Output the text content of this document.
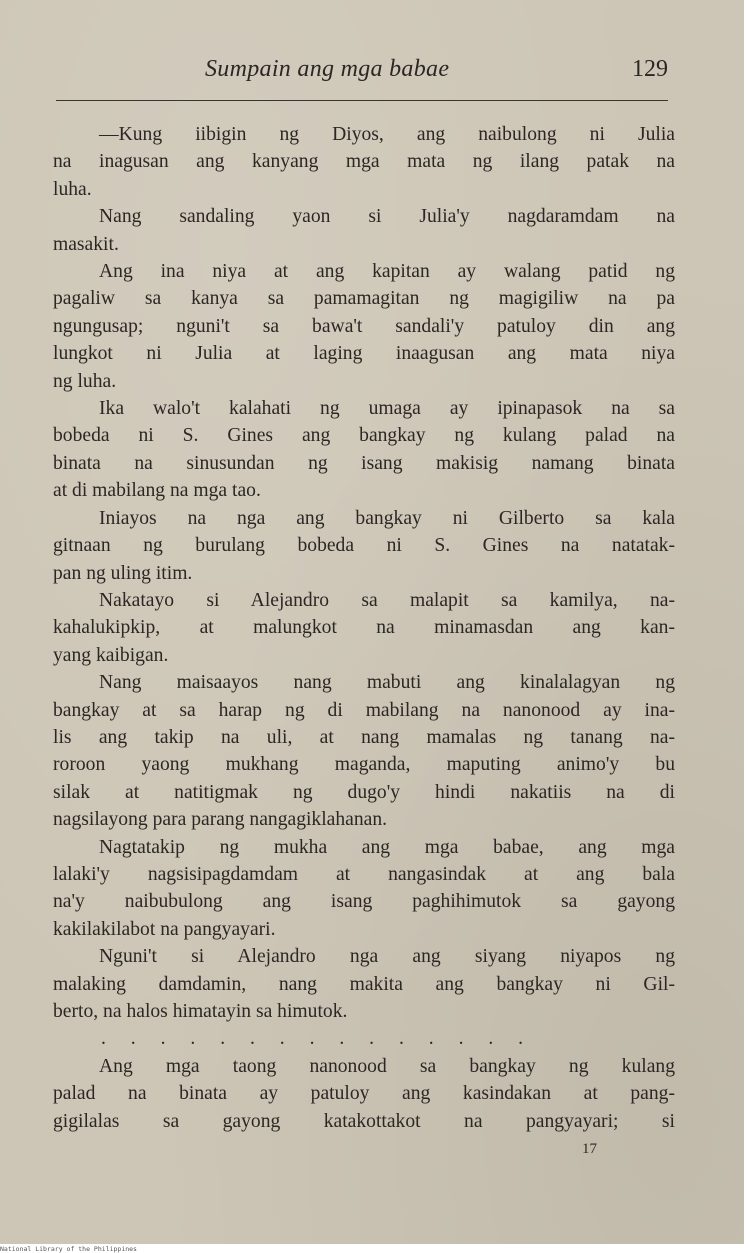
Sumpain ang mga babae	129

—Kung iibigin ng Diyos, ang naibulong ni Julia
na inagusan ang kanyang mga mata ng ilang patak na
luha.

Nang sandaling yaon si Julia'y nagdaramdam na
masakit.

Ang ina niya at ang kapitan ay walang patid ng
pagaliw sa kanya sa pamamagitan ng magigiliw na pa
ngungusap; nguni't sa bawa't sandali'y patuloy din ang
lungkot ni Julia at laging inaagusan ang mata niya
ng luha.

Ika walo't kalahati ng umaga ay ipinapasok na sa
bobeda ni S. Gines ang bangkay ng kulang palad na
binata na sinusundan ng isang makisig namang binata
at di mabilang na mga tao.

Iniayos na nga ang bangkay ni Gilberto sa kala
gitnaan ng burulang bobeda ni S. Gines na natatak-
pan ng uling itim.

Nakatayo si Alejandro sa malapit sa kamilya, na-
kahalukipkip, at malungkot na minamasdan ang kan-
yang kaibigan.

Nang maisaayos nang mabuti ang kinalalagyan ng
bangkay at sa harap ng di mabilang na nanonood ay ina-
lis ang takip na uli, at nang mamalas ng tanang na-
roroon yaong mukhang maganda, maputing animo'y bu
silak at natitigmak ng dugo'y hindi nakatiis na di
nagsilayong para parang nangagiklahanan.

Nagtatakip ng mukha ang mga babae, ang mga
lalaki'y nagsisipagdamdam at nangasindak at ang bala
na'y naibubulong ang isang paghihimutok sa gayong
kakilakilabot na pangyayari.

Nguni't si Alejandro nga ang siyang niyapos ng
malaking damdamin, nang makita ang bangkay ni Gil-
berto, na halos himatayin sa himutok.

. . . . . . . . . . . . . . .

Ang mga taong nanonood sa bangkay ng kulang
palad na binata ay patuloy ang kasindakan at pang-
gigilalas sa gayong katakottakot na pangyayari; si

17
National Library of the Philippines
